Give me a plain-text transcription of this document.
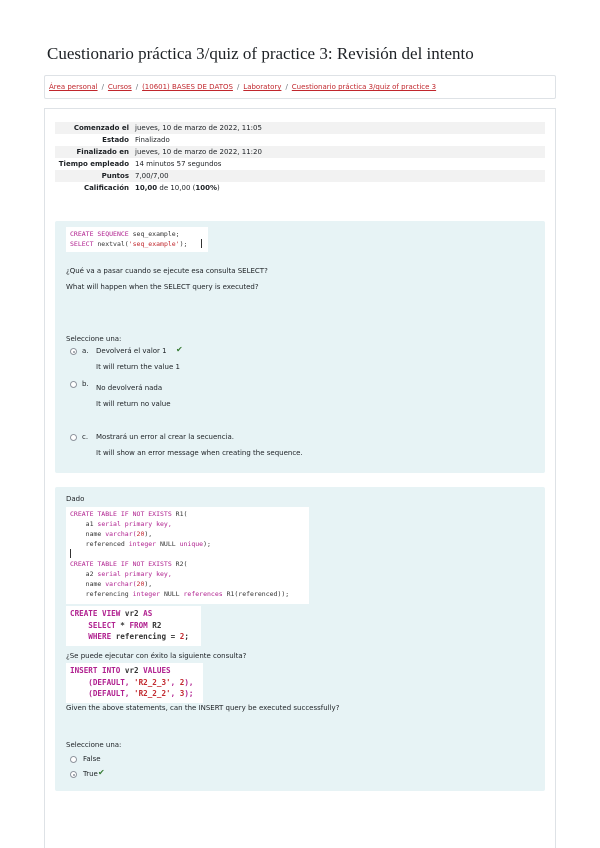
Cuestionario práctica 3/quiz of practice 3: Revisión del intento
Área personal / Cursos / (10601) BASES DE DATOS / Laboratory / Cuestionario práctica 3/quiz of practice 3
Comenzado el	jueves, 10 de marzo de 2022, 11:05
Estado	Finalizado
Finalizado en	jueves, 10 de marzo de 2022, 11:20
Tiempo empleado	14 minutos 57 segundos
Puntos	7,00/7,00
Calificación	10,00 de 10,00 (100%)
CREATE SEQUENCE seq_example;
SELECT nextval('seq_example');
¿Qué va a pasar cuando se ejecute esa consulta SELECT?
What will happen when the SELECT query is executed?
Seleccione una:
a. Devolverá el valor 1 ✔
It will return the value 1
b. No devolverá nada
It will return no value
c. Mostrará un error al crear la secuencia.
It will show an error message when creating the sequence.
Dado
CREATE TABLE IF NOT EXISTS R1(
a1 serial primary key,
name varchar(20),
referenced integer NULL unique);

CREATE TABLE IF NOT EXISTS R2(
a2 serial primary key,
name varchar(20),
referencing integer NULL references R1(referenced));
CREATE VIEW vr2 AS
SELECT * FROM R2
WHERE referencing = 2;
¿Se puede ejecutar con éxito la siguiente consulta?
INSERT INTO vr2 VALUES
(DEFAULT, 'R2_2_3', 2),
(DEFAULT, 'R2_2_2', 3);
Given the above statements, can the INSERT query be executed successfully?
Seleccione una:
False
True ✔
